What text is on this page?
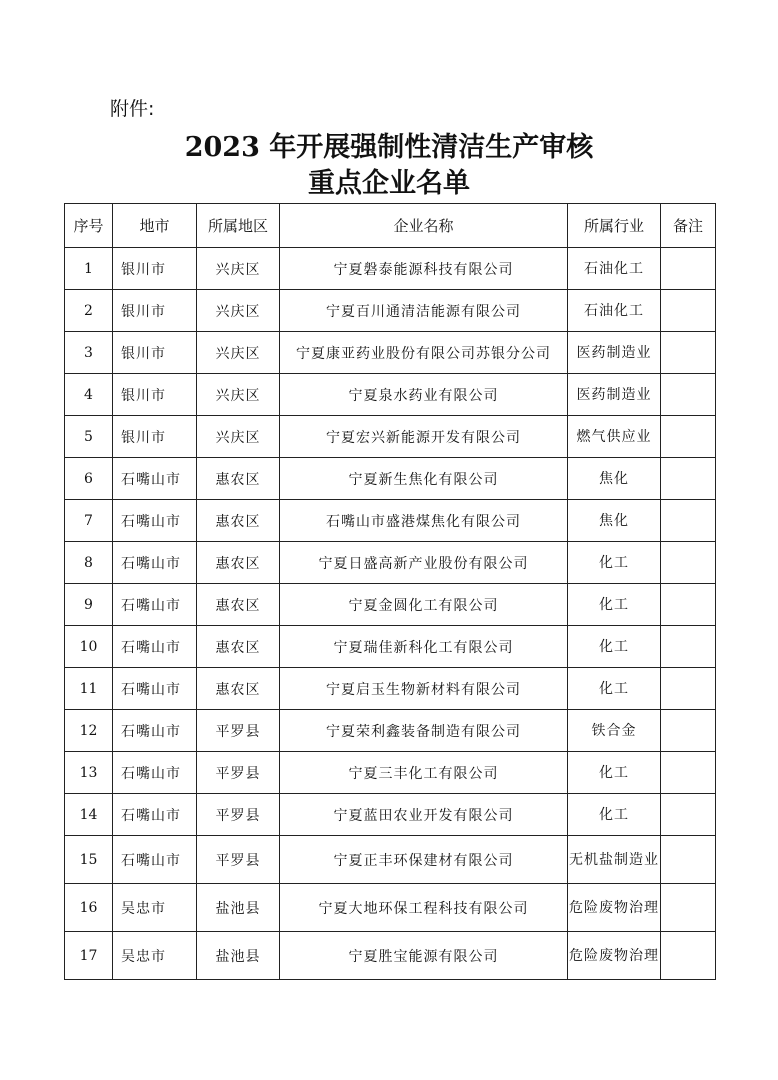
附件:
2023 年开展强制性清洁生产审核
重点企业名单
序号	地市	所属地区	企业名称	所属行业	备注
1	银川市	兴庆区	宁夏磐泰能源科技有限公司	石油化工	
2	银川市	兴庆区	宁夏百川通清洁能源有限公司	石油化工	
3	银川市	兴庆区	宁夏康亚药业股份有限公司苏银分公司	医药制造业	
4	银川市	兴庆区	宁夏泉水药业有限公司	医药制造业	
5	银川市	兴庆区	宁夏宏兴新能源开发有限公司	燃气供应业	
6	石嘴山市	惠农区	宁夏新生焦化有限公司	焦化	
7	石嘴山市	惠农区	石嘴山市盛港煤焦化有限公司	焦化	
8	石嘴山市	惠农区	宁夏日盛高新产业股份有限公司	化工	
9	石嘴山市	惠农区	宁夏金圆化工有限公司	化工	
10	石嘴山市	惠农区	宁夏瑞佳新科化工有限公司	化工	
11	石嘴山市	惠农区	宁夏启玉生物新材料有限公司	化工	
12	石嘴山市	平罗县	宁夏荣利鑫装备制造有限公司	铁合金	
13	石嘴山市	平罗县	宁夏三丰化工有限公司	化工	
14	石嘴山市	平罗县	宁夏蓝田农业开发有限公司	化工	
15	石嘴山市	平罗县	宁夏正丰环保建材有限公司	无机盐制造业	
16	吴忠市	盐池县	宁夏大地环保工程科技有限公司	危险废物治理	
17	吴忠市	盐池县	宁夏胜宝能源有限公司	危险废物治理	
